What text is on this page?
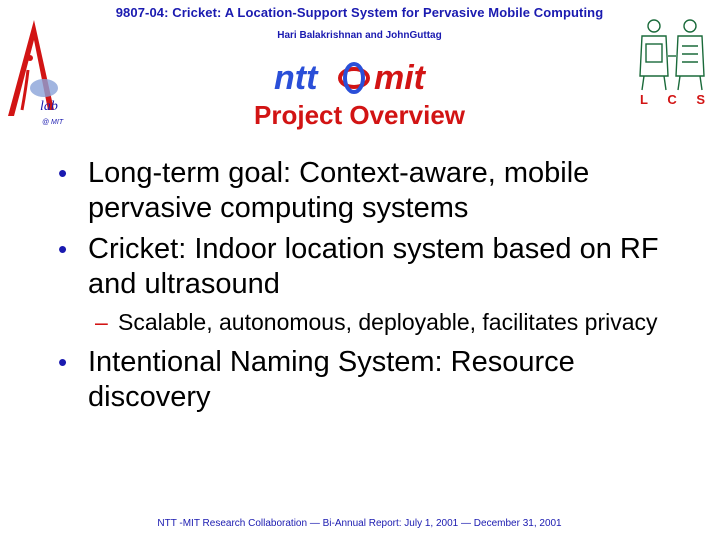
9807-04: Cricket: A Location-Support System for Pervasive Mobile Computing
Hari Balakrishnan and JohnGuttag
lab
@ MIT
ntt mit
L C S
Project Overview
• Long-term goal: Context-aware, mobile pervasive computing systems
• Cricket: Indoor location system based on RF and ultrasound
– Scalable, autonomous, deployable, facilitates privacy
• Intentional Naming System: Resource discovery
NTT -MIT Research Collaboration — Bi-Annual Report: July 1, 2001 — December 31, 2001
